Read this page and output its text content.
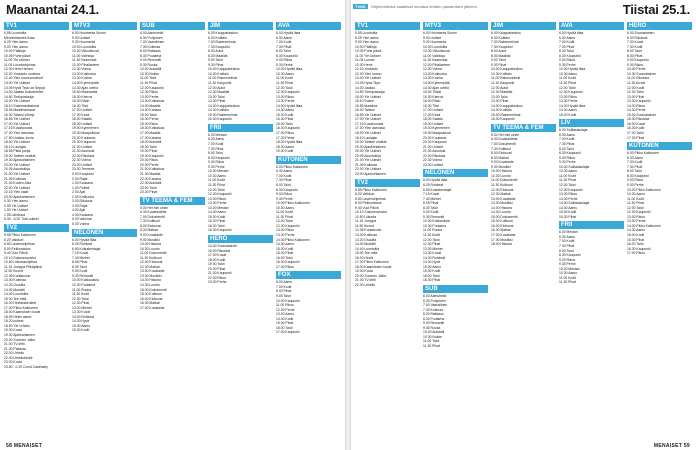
Maanantai 24.1.
TV1
5.55 Luontoilta
Mennistösmies ikiaa
6.25 Ylen aamu
9.00 Ylen aamu
10.00 Päälinja
10.05 Puhe päivä
11.00 Yle Uutiset
11.05 Luontoohjelma
12.00 Hemi Hemmi
12.20 Yoskaolo ruuteiva
12.40 Ylen luomunsolmuit
13.00 Yle Uutiset
13.05 Hyvä Tepo on Seppä
14.00 Jaakko kokoantelee
14.50 Tietopostaaja
15.00 Yle Uutiset
15.10 Sokerirasittatorat
15.55 Maailmantarat
16.30 Taisusi viihnyt
16.55 Yle Uutiset
17.00 Yle Uutiset
17.15 Kuvakorusta
17.30 Ylen aamuisa
17.50 Uutisia, kuvia
18.00 Yle Uutiset
18.10 Laulajan
18.55 Pitkä pohja
19.00 Taiteen matkat
19.30 Ajankohtainen
20.00 Yle Uutiset
20.05 Asuntokirja
21.00 Yle Uutiset
21.05 Kotimaa
21.30 Kuvien Aika
22.00 Yle Uutiset
22.15 Ylen kalat
23.00 Ajankohtainen
0.30 Ylen aamu
0.55 Yle Uutiset
1.00 Yle Uutiset
1.55 Lähikuva
5.30 - 6.20 Tuat uutiset
TV2
5.55 Pikku Kakkonen
6.20 Vaikkuri
6.50 Lastenohjelmat
8.00 Pelikomistus
9.40 Vuoi Päivä
10.10 Sukuneuvostot
10.50 Liikuntaohjelma
11.15 Jumppa Pitkäpäivä
11.50 Kuorot
12.35 Kuntakoulu
13.00 Kotimaa
13.20 Osuulta
14.00 Muisteli
14.40 Luontoilta
15.00 Tee mitä
16.00 Hirviärakenteet
17.00 Pikku Kakkonen
18.00 Kaamoksen kuvat
18.05 Hellin aamu
18.20 uutiset
18.50 Yle Urheilu
19.00 Kuvia
19.30 Ajankohtainen
20.00 Suomen Jalka
21.00 TV-lehti
21.30 Pakasta
22.00 Urheilu
22.40 Urheilutiedot
23.00 Kuvia
23.50 - 0.20 Covid Casebaby
MTV3
6.00 Huomenta Suomi
9.00 Uutiset
9.30 Huomenta
10.00 Luontoilta
10.30 Viikonkuvat
11.00 Valintoja
11.30 Kaamosta
12.00 Pihallamme
12.30 Voima
13.00 Kotiruoka
13.30 Kuvina
14.00 Kymenpätä
14.30 Ajan ovella
15.00 Maanantai
15.30 Kierros
16.00 Ritari
16.30 Tilat
17.00 Uutiset
17.30 Kesä
18.00 Salattu
18.30 Uutiset
19.00 Kymmenen
19.30 Maajoukkue
20.00 Kuukausi
20.30 Kaupunki
21.00 Uutiset
21.30 Asuntola
22.00 Rikoksia
22.30 Voima
23.00 Uutiset
23.30 Teemme
0.00 Kaupunki
0.30 Rajat
1.00 Kaukana
1.30 Poliisit
2.00 Ajat
2.30 Kotiruoka
3.00 Rikoksia
3.30 Rajat
4.00 Ajat
4.30 Kaukana
5.00 Valinnat
5.30 Voima
NELONEN
6.00 Hyvää iltaa
6.25 Rohkeat
6.50 Kotirakentajat
7.15 Kuvat
7.40 Miehet
8.05 Pihat
8.30 Talot
9.00 Kodit
9.30 Remontit
10.00 Kokkauksia
10.30 Puutarha
11.00 Ruoka
11.30 Kodit
12.00 Talot
12.30 Pihat
13.00 Miehet
13.30 Kuvat
14.00 Rohkeat
14.30 Hyvä
15.00 Aamu
15.30 Kodit
SUB
6.00 Aamuhetki
6.30 Pohjoinen
7.00 Vaarallinen
7.30 Kotimaa
8.00 Rakkaus
8.30 Puutarha
9.00 Remontti
9.30 Ruoka
10.00 Autotalli
10.30 Nukke
11.00 Talot
11.30 Pihat
12.00 Kaupunki
12.30 Rikos
13.00 Perhe
13.30 Kotitalous
14.00 Maatila
14.30 Kanava
15.00 Talot
15.30 Perhe
16.00 Rikos
16.30 Kotitalous
17.00 Maatila
17.30 Kanava
18.00 Autotalli
18.30 Talot
19.00 Pihat
19.30 Kaupunki
20.00 Rikos
20.30 Perhe
21.00 Kotitalous
21.30 Maatila
22.00 Kanava
22.30 Autotalli
23.00 Talot
23.30 Pihat
TV TEEMA & FEM
6.00 Hei mei oinen
6.30 Kuvataidetta
7.00 Dokumentti
7.30 Kulttuuri
8.00 Elokuvat
8.30 Matkat
9.00 Kuvataide
9.30 Musiikki
10.00 Historia
10.30 Luonto
11.00 Dokumentti
11.30 Kulttuuri
12.00 Elokuvat
12.30 Matkat
13.00 Kuvataide
13.30 Musiikki
14.00 Historia
14.30 Luonto
15.00 Dokumentti
15.30 Kulttuuri
16.00 Elokuvat
16.30 Matkat
17.00 Kuvataide
JIM
6.00 Kauppakeskus
6.30 Kotitalo
7.00 Rakennelmat
7.30 Kaupunki
8.00 Autot
8.30 Maatilat
9.00 Talot
9.30 Pihat
10.00 Kauppakeskus
10.30 Kotitalo
11.00 Rakennelmat
11.30 Kaupunki
12.00 Autot
12.30 Maatilat
13.00 Talot
13.30 Pihat
14.00 Kauppakeskus
14.30 Kotitalo
15.00 Rakennelmat
15.30 Kaupunki
FRII
6.00 Mestari
6.30 Aamu
7.00 Kodit
7.30 Pihat
8.00 Talot
8.30 Kaupunki
9.00 Rikos
9.30 Perhe
10.00 Mestari
10.30 Aamu
11.00 Kodit
11.30 Pihat
12.00 Talot
12.30 Kaupunki
13.00 Rikos
13.30 Perhe
14.00 Mestari
14.30 Aamu
15.00 Kodit
15.30 Pihat
16.00 Talot
16.30 Kaupunki
HERO
14.40 Suomalainen
16.00 Rikoksia
17.00 Kuvat
18.00 Kodit
19.00 Talot
20.00 Pihat
21.00 Kaupunki
22.00 Rikos
23.00 Perhe
AVA
6.00 Hyvää iltaa
6.30 Aamu
7.00 Kodit
7.30 Pihat
8.00 Talot
8.30 Kaupunki
9.00 Rikos
9.30 Perhe
10.00 Hyvää iltaa
10.30 Aamu
11.00 Kodit
11.30 Pihat
12.00 Talot
12.30 Kaupunki
13.00 Rikos
13.30 Perhe
14.00 Hyvää iltaa
14.30 Aamu
15.00 Kodit
15.30 Pihat
16.00 Talot
16.30 Kaupunki
17.00 Rikos
17.30 Perhe
18.00 Hyvää iltaa
18.30 Aamu
19.00 Kodit
KUTONEN
6.00 Pikku Kakkonen
6.30 Aamu
7.00 Kodit
7.30 Pihat
8.00 Talot
8.30 Kaupunki
9.00 Rikos
9.30 Perhe
10.00 Pikku Kakkonen
10.30 Aamu
11.00 Kodit
11.30 Pihat
12.00 Talot
12.30 Kaupunki
13.00 Rikos
13.30 Perhe
14.00 Pikku Kakkonen
14.30 Aamu
15.00 Kodit
15.30 Pihat
16.00 Talot
16.30 Kaupunki
17.00 Rikos
FOX
6.00 Aamu
7.00 Kodit
8.00 Pihat
9.00 Talot
10.00 Kaupunki
11.00 Rikos
12.00 Perhe
13.00 Aamu
14.00 Kodit
15.00 Pihat
16.00 Talot
17.00 Kaupunki
58 MENAISET
TVNS Ohjelmatiedot saattavat muuttua lehden painamisen jälkeen.	Tiistai 25.1.
TV1
5.55 Luontoilta
6.25 Ylen aamu
9.00 Ylen aamu
10.00 Päälinja
10.05 Puhe päivä
11.00 Yle Uutiset
11.05 Luonto
12.00 Hemi
12.20 Yoskaolo
12.40 Ylen luomu
13.00 Yle Uutiset
13.05 Hyvä Tepo
14.00 Jaakko
14.50 Tietopostaaja
15.00 Yle Uutiset
15.10 Sokeri
15.55 Maailma
16.30 Taisusi
16.55 Yle Uutiset
17.00 Yle Uutiset
17.15 Kuvakorusta
17.30 Ylen aamuisa
18.00 Yle Uutiset
18.10 Laulajan
19.00 Taiteen matkat
19.30 Ajankohtainen
20.00 Yle Uutiset
20.05 Asuntokirja
21.00 Yle Uutiset
21.05 Kotimaa
22.00 Yle Uutiset
23.00 Ajankohtainen
TV2
5.55 Pikku Kakkonen
6.20 Vaikkuri
6.50 Lastenohjelmat
8.00 Pelikomistus
9.40 Vuoi Päivä
10.10 Sukuneuvostot
10.50 Liikunta
11.15 Jumppa
11.50 Kuorot
12.35 Kuntakoulu
13.00 Kotimaa
13.20 Osuulta
14.00 Muisteli
14.40 Luontoilta
15.00 Tee mitä
16.00 Hirviä
17.00 Pikku Kakkonen
18.00 Kaamoksen kuvat
19.00 Kuvia
20.00 Suomen Jalka
21.00 TV-lehti
22.00 Urheilu
MTV3
6.00 Huomenta Suomi
9.00 Uutiset
9.30 Huomenta
10.00 Luontoilta
10.30 Viikonkuvat
11.00 Valintoja
11.30 Kaamosta
12.00 Pihallamme
12.30 Voima
13.00 Kotiruoka
13.30 Kuvina
14.00 Kymenpätä
14.30 Ajan ovella
15.00 Tiistai
15.30 Kierros
16.00 Ritari
16.30 Tilat
17.00 Uutiset
17.30 Kesä
18.00 Salattu
18.30 Uutiset
19.00 Kymmenen
19.30 Maajoukkue
20.00 Kuukausi
20.30 Kaupunki
21.00 Uutiset
21.30 Asuntola
22.00 Rikoksia
22.30 Voima
23.00 Uutiset
NELONEN
6.00 Hyvää iltaa
6.25 Rohkeat
6.50 Kotirakentajat
7.15 Kuvat
7.40 Miehet
8.05 Pihat
8.30 Talot
9.00 Kodit
9.30 Remontit
10.00 Kokkauksia
10.30 Puutarha
11.00 Ruoka
11.30 Kodit
12.00 Talot
12.30 Pihat
13.00 Miehet
13.30 Kuvat
14.00 Rohkeat
14.30 Hyvä
15.00 Aamu
15.30 Kodit
16.00 Talot
16.30 Pihat
SUB
6.00 Aamuhetki
6.30 Pohjoinen
7.00 Vaarallinen
7.30 Kotimaa
8.00 Rakkaus
8.30 Puutarha
9.00 Remontti
9.30 Ruoka
10.00 Autotalli
10.30 Nukke
11.00 Talot
11.30 Pihat
JIM
6.00 Kauppakeskus
6.30 Kotitalo
7.00 Rakennelmat
7.30 Kaupunki
8.00 Autot
8.30 Maatilat
9.00 Talot
9.30 Pihat
10.00 Kauppakeskus
10.30 Kotitalo
11.00 Rakennelmat
11.30 Kaupunki
12.00 Autot
12.30 Maatilat
13.00 Talot
13.30 Pihat
14.00 Kauppakeskus
14.30 Kotitalo
15.00 Rakennelmat
15.30 Kaupunki
TV TEEMA & FEM
6.00 Hei mei oinen
6.30 Kuvataidetta
7.00 Dokumentti
7.30 Kulttuuri
8.00 Elokuvat
8.30 Matkat
9.00 Kuvataide
9.30 Musiikki
10.00 Historia
10.30 Luonto
11.00 Dokumentti
11.30 Kulttuuri
12.00 Elokuvat
12.30 Matkat
13.00 Kuvataide
13.30 Musiikki
14.00 Historia
14.30 Luonto
15.00 Dokumentti
15.30 Kulttuuri
16.00 Elokuvat
16.30 Matkat
17.00 Kuvataide
17.30 Musiikki
18.00 Historia
AVA
6.00 Hyvää iltaa
6.30 Aamu
7.00 Kodit
7.30 Pihat
8.00 Talot
8.30 Kaupunki
9.00 Rikos
9.30 Perhe
10.00 Hyvää iltaa
10.30 Aamu
11.00 Kodit
11.30 Pihat
12.00 Talot
12.30 Kaupunki
13.00 Rikos
13.30 Perhe
14.00 Hyvää iltaa
14.30 Aamu
15.00 Kodit
LIV
6.00 Sotilaslaulajat
6.30 Aamu
7.00 Kodit
7.30 Pihat
8.00 Talot
8.30 Kaupunki
9.00 Rikos
9.30 Perhe
10.00 Sotilaslaulajat
10.30 Aamu
11.00 Kodit
11.30 Pihat
12.00 Talot
12.30 Kaupunki
13.00 Rikos
13.30 Perhe
14.00 Sotilaslaulajat
14.30 Aamu
15.00 Kodit
15.30 Pihat
FRII
6.00 Mestari
6.30 Aamu
7.00 Kodit
7.30 Pihat
8.00 Talot
8.30 Kaupunki
9.00 Rikos
9.30 Perhe
10.00 Mestari
10.30 Aamu
11.00 Kodit
11.30 Pihat
HERO
6.00 Suomalainen
6.30 Rikoksia
7.00 Kuvat
7.30 Kodit
8.00 Talot
8.30 Pihat
9.00 Kaupunki
9.30 Rikos
10.00 Perhe
10.30 Suomalainen
11.00 Rikoksia
11.30 Kuvat
12.00 Kodit
12.30 Talot
13.00 Pihat
13.30 Kaupunki
14.00 Rikos
14.30 Perhe
15.00 Suomalainen
15.30 Rikoksia
16.00 Kuvat
16.30 Kodit
17.00 Talot
17.30 Pihat
KUTONEN
6.00 Pikku Kakkonen
6.30 Aamu
7.00 Kodit
7.30 Pihat
8.00 Talot
8.30 Kaupunki
9.00 Rikos
9.30 Perhe
10.00 Pikku Kakkonen
10.30 Aamu
11.00 Kodit
11.30 Pihat
12.00 Talot
12.30 Kaupunki
13.00 Rikos
13.30 Perhe
14.00 Pikku Kakkonen
14.30 Aamu
15.00 Kodit
15.30 Pihat
16.00 Talot
16.30 Kaupunki
17.00 Rikos
MENAISET 59
